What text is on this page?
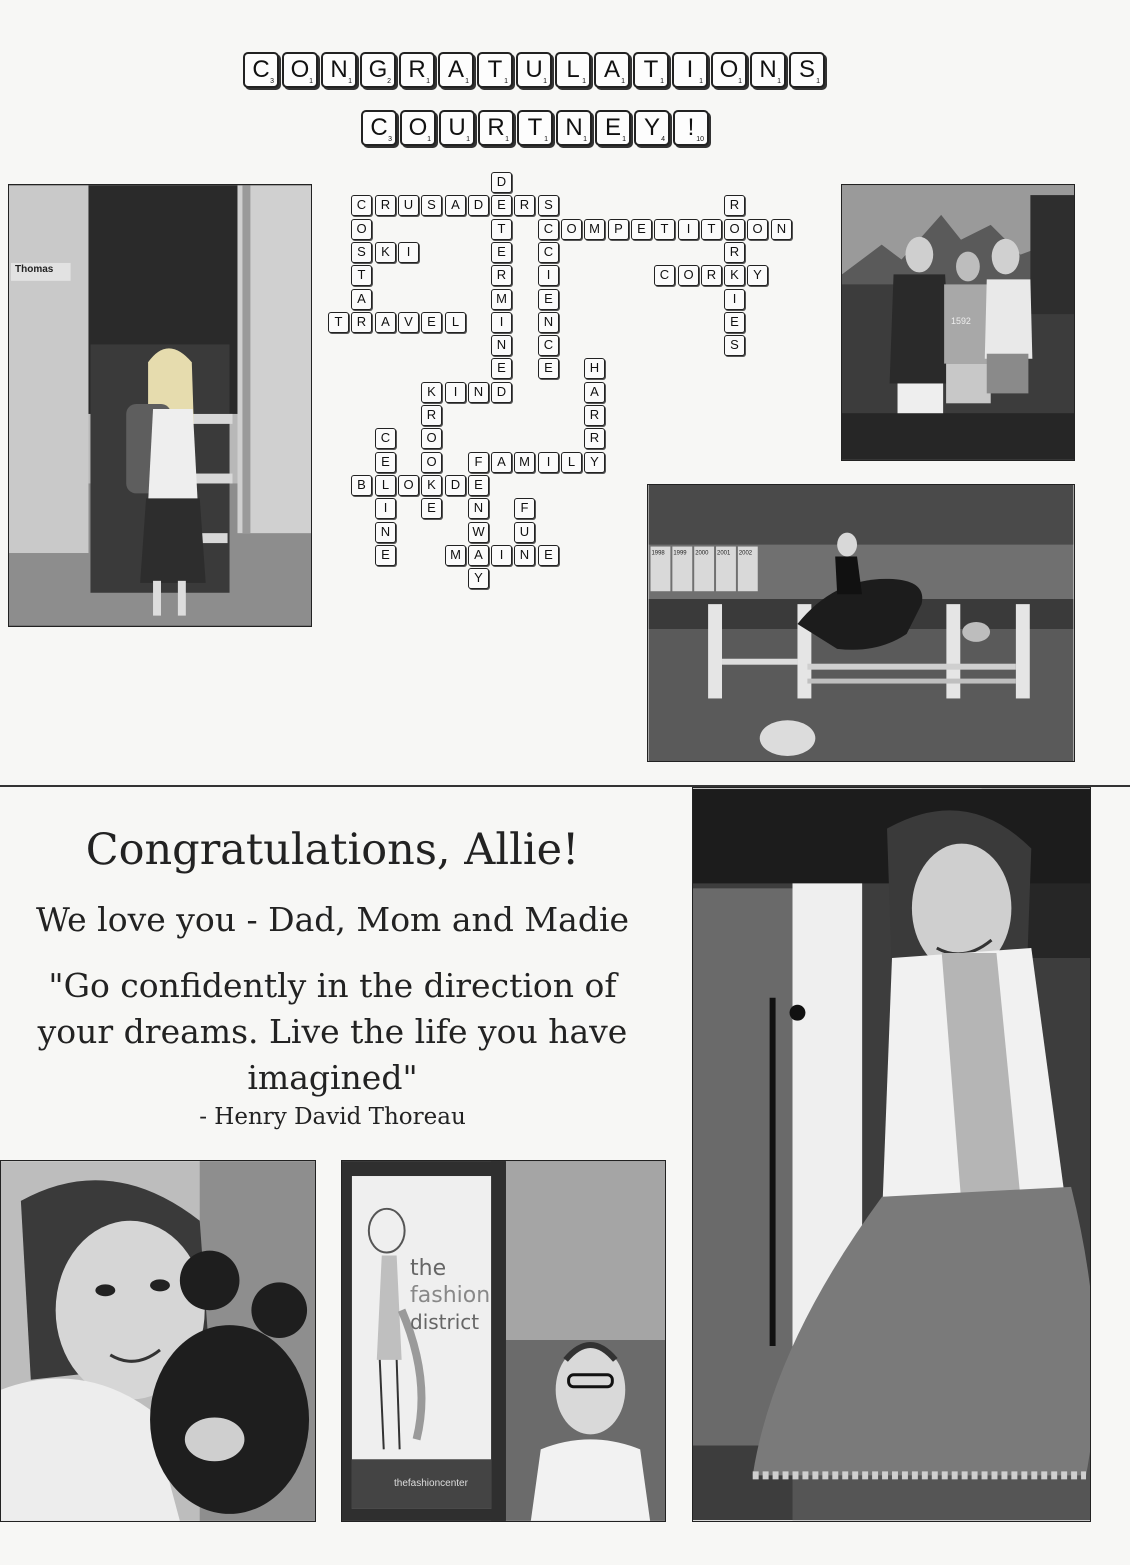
C 3 O 1 N 1 G 2 R 1 A 1 T 1 U 1 L 1 A 1 T 1 I 1 O 1 N 1 S 1
C 3 O 1 U 1 R 1 T 1 N 1 E 1 Y 4 ! 10
D
E
T
E
R
M
I
N
E
D
C	R	U	S	A	D	R	S
O
S
T
A
R
O
R
K
I
E
S
C	O M	P	E	T	I	T	O	N
C
I
E
N
C
E
K	I
C	O	R	Y
T	R	A	V	E	L
H
A
R
R
Y
K	I	N
R
O
O
K
E
C
E
L
I
N
E
F	A	M	I	L
B	O	D	E
N
W
A
Y
F
U
N
M	I	E
Thomas
1592
1998 1999 2000 2001 2002
Congratulations, Allie!
We love you - Dad, Mom and Madie
"Go confidently in the direction of
your dreams. Live the life you have
imagined"
- Henry David Thoreau
the
fashion
district
thefashioncenter
